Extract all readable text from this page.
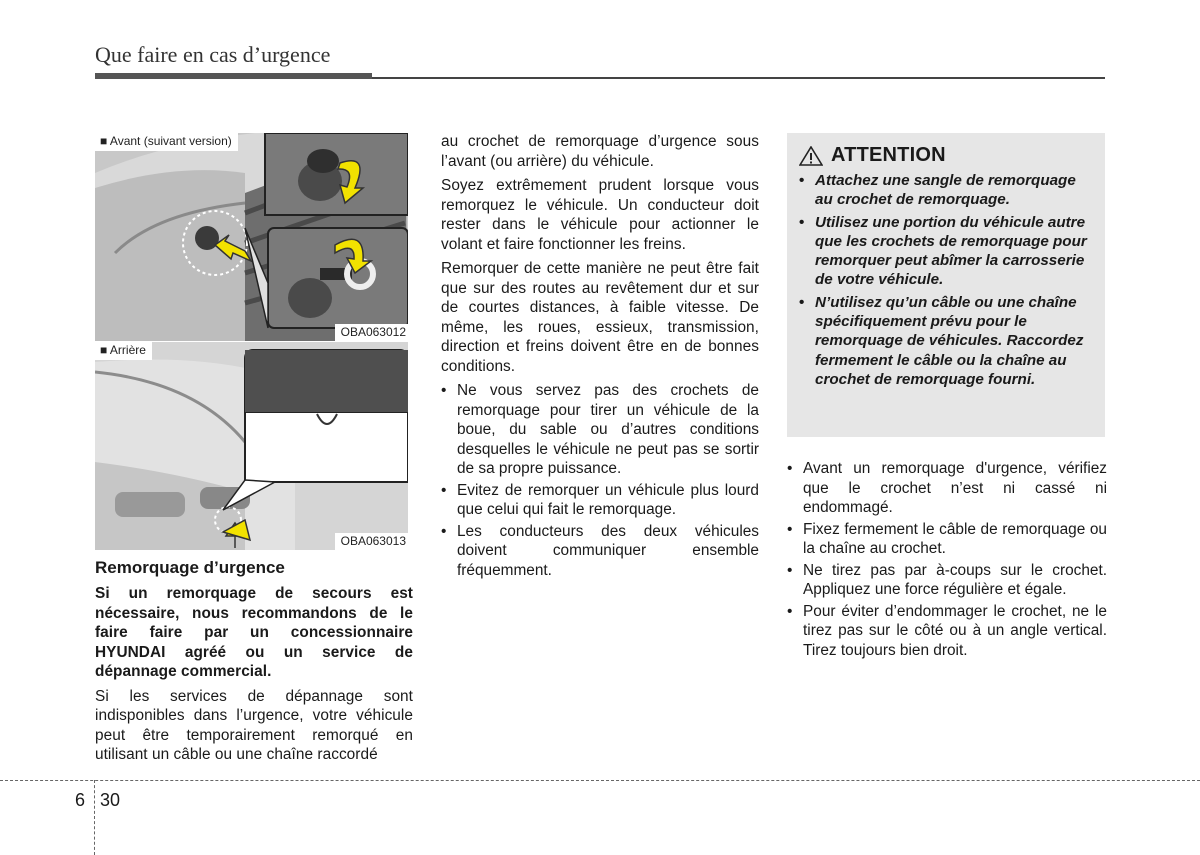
Que faire en cas d’urgence
■ Avant (suivant version)
OBA063012
■ Arrière
OBA063013
Remorquage d’urgence

Si un remorquage de secours est nécessaire, nous recommandons de le faire faire par un concessionnaire HYUNDAI agréé ou un service de dépannage commercial.

Si les services de dépannage sont indisponibles dans l’urgence, votre véhicule peut être temporairement remorqué en utilisant un câble ou une chaîne raccordé

au crochet de remorquage d’urgence sous l’avant (ou arrière) du véhicule.

Soyez extrêmement prudent lorsque vous remorquez le véhicule. Un conducteur doit rester dans le véhicule pour actionner le volant et faire fonctionner les freins.

Remorquer de cette manière ne peut être fait que sur des routes au revêtement dur et sur de courtes distances, à faible vitesse. De même, les roues, essieux, transmission, direction et freins doivent être en de bonnes conditions.

• Ne vous servez pas des crochets de remorquage pour tirer un véhicule de la boue, du sable ou d’autres conditions desquelles le véhicule ne peut pas se sortir de sa propre puissance.
• Evitez de remorquer un véhicule plus lourd que celui qui fait le remorquage.
• Les conducteurs des deux véhicules doivent communiquer ensemble fréquemment.
ATTENTION
• Attachez une sangle de remorquage au crochet de remorquage.
• Utilisez une portion du véhicule autre que les crochets de remorquage pour remorquer peut abîmer la carrosserie de votre véhicule.
• N’utilisez qu’un câble ou une chaîne spécifiquement prévu pour le remorquage de véhicules. Raccordez fermement le câble ou la chaîne au crochet de remorquage fourni.
• Avant un remorquage d'urgence, vérifiez que le crochet n’est ni cassé ni endommagé.
• Fixez fermement le câble de remorquage ou la chaîne au crochet.
• Ne tirez pas par à-coups sur le crochet. Appliquez une force régulière et égale.
• Pour éviter d’endommager le crochet, ne le tirez pas sur le côté ou à un angle vertical. Tirez toujours bien droit.
6 30
